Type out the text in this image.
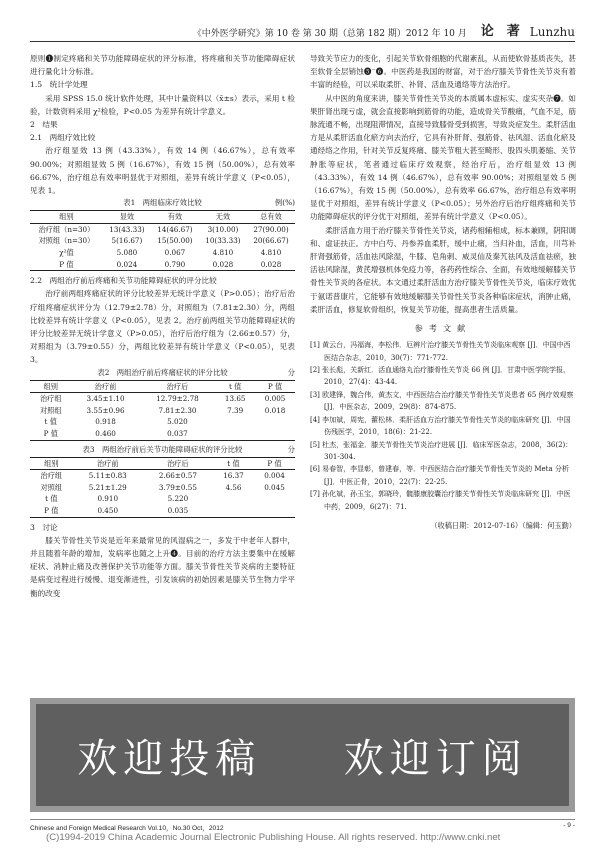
《中外医学研究》第 10 卷 第 30 期（总第 182 期）2012 年 10 月 论　著 Lunzhu

原则❶制定疼痛和关节功能障碍症状的评分标准，将疼痛和关节功能障碍症状进行量化计分标准。

1.5　统计学处理

采用 SPSS 15.0 统计软件处理，其中计量资料以（x̄±s）表示，采用 t 检验，计数资料采用 χ²检验，P<0.05 为差异有统计学意义。

2　结果

2.1　两组疗效比较

治疗组显效 13 例（43.33%），有效 14 例（46.67%），总有效率 90.00%；对照组显效 5 例（16.67%），有效 15 例（50.00%），总有效率 66.67%，治疗组总有效率明显优于对照组，差异有统计学意义（P<0.05），见表 1。

表1　两组临床疗效比较	例(%)
组别	显效	有效	无效	总有效
治疗组（n=30）	13(43.33)	14(46.67)	3(10.00)	27(90.00)
对照组（n=30）	5(16.67)	15(50.00)	10(33.33)	20(66.67)
χ²值	5.080	0.067	4.810	4.810
P 值	0.024	0.790	0.028	0.028

2.2　两组治疗前后疼痛和关节功能障碍症状的评分比较

治疗前两组疼痛症状的评分比较差异无统计学意义（P>0.05）；治疗后治疗组疼痛症状评分为（12.79±2.78）分，对照组为（7.81±2.30）分，两组比较差异有统计学意义（P<0.05），见表 2。治疗前两组关节功能障碍症状的评分比较差异无统计学意义（P>0.05），治疗后治疗组为（2.66±0.57）分，对照组为（3.79±0.55）分，两组比较差异有统计学意义（P<0.05），见表 3。

表2　两组治疗前后疼痛症状的评分比较	分
组别	治疗前	治疗后	t 值	P 值
治疗组	3.45±1.10	12.79±2.78	13.65	0.005
对照组	3.55±0.96	7.81±2.30	7.39	0.018
t 值	0.918	5.020		
P 值	0.460	0.037		
表3　两组治疗前后关节功能障碍症状的评分比较	分
组别	治疗前	治疗后	t 值	P 值
治疗组	5.11±0.83	2.66±0.57	16.37	0.004
对照组	5.21±1.29	3.79±0.55	4.56	0.045
t 值	0.910	5.220		
P 值	0.450	0.035		

3　讨论

膝关节骨性关节炎是近年来最常见的风湿病之一，多发于中老年人群中，并且随着年龄的增加，发病率也随之上升❹。目前的治疗方法主要集中在缓解症状、消肿止痛及改善保护关节功能等方面。膝关节骨性关节炎病的主要特征是病变过程进行缓慢、退变渐进性，引发该病的初始因素是膝关节生物力学平衡的改变

导致关节应力的变化，引起关节软骨细胞的代谢紊乱，从而使软骨基质丧失，甚至软骨全层销蚀❺⁻❻。中医药是我国的财富，对于治疗膝关节骨性关节炎有着丰富的经验，可以采取柔肝、补肾、活血及通络等方法治疗。

从中医的角度来讲，膝关节骨性关节炎的本质属本虚标实、虚实夹杂❼。如果肝肾出现亏虚，就会直接影响到筋骨的功能，造成骨关节酸痛，气血不足，筋脉流通不畅，出现阻滞情况，直接导致膝骨受到损害，导致炎症发生。柔肝活血方是从柔肝活血化瘀方向去治疗，它具有补肝肾、强筋骨、祛风湿、活血化瘀及通经络之作用，针对关节反复疼痛、膝关节粗大甚至畸形、股四头肌萎缩、关节肿胀等症状，笔者通过临床疗效观察，经治疗后，治疗组显效 13 例（43.33%），有效 14 例（46.67%），总有效率 90.00%；对照组显效 5 例（16.67%），有效 15 例（50.00%），总有效率 66.67%，治疗组总有效率明显优于对照组，差异有统计学意义（P<0.05）；另外治疗后治疗组疼痛和关节功能障碍症状的评分优于对照组，差异有统计学意义（P<0.05）。

柔肝活血方用于治疗膝关节骨性关节炎，诸药相辅相成，标本兼顾，阴阳调和、虚证扶正。方中白芍、丹参养血柔肝，缓中止痛，当归补血，活血，川芎补肝肾强筋骨，活血祛风除湿，牛膝、皂角刺、威灵仙及秦艽祛风及活血祛瘀，独活祛风除湿，黄芪增强机体免疫力等，各药药性综合、全面，有效地缓解膝关节骨性关节炎的各症状。本文通过柔肝活血方治疗膝关节骨性关节炎，临床疗效优于氨诺普康片，它能够有效地缓解膝关节骨性关节炎各种临床症状，消肿止痛，柔肝活血，修复软骨组织，恢复关节功能，提高患者生活质量。

参考文献
[1] 黄云台，冯福海，李松伟．厄辨片治疗膝关节骨性关节炎临床观察 [J]．中国中西医结合杂志，2010，30(7)：771-772.
[2] 张长彪，关新红．活血通络丸治疗膝骨性关节炎 66 例 [J]．甘肃中医学院学报，2010，27(4)：43-44.
[3] 欧建锋，魏合伟，黄杰文，中西医结合治疗膝关节骨性关节炎患者 65 例疗效观察 [J]．中医杂志，2009，29(8)：874-875.
[4] 李加斌，周宪，藿松林．柔肝活血方治疗膝关节骨性关节炎的临床研究 [J]．中国伤残医学，2010，18(6)：21-22.
[5] 杜杰，张福金．膝关节骨性关节炎治疗进展 [J]．临床军医杂志，2008，36(2)：301-304.
[6] 易春智，李显彰，曾建春，等．中西医结合治疗膝关节骨性关节炎的 Meta 分析 [J]．中医正骨，2010，22(7)：22-25.
[7] 孙化斌，孙玉宝，郭晓玲，髋膝康胶囊治疗膝关节骨性关节炎临床研究 [J]．中医中药，2009，6(27)：71.
（收稿日期：2012-07-16）（编辑：何玉勤）
欢迎投稿 欢迎订阅
Chinese and Foreign Medical Research Vol.10，No.30 Oct，2012	- 9 -
(C)1994-2019 China Academic Journal Electronic Publishing House. All rights reserved. http://www.cnki.net
